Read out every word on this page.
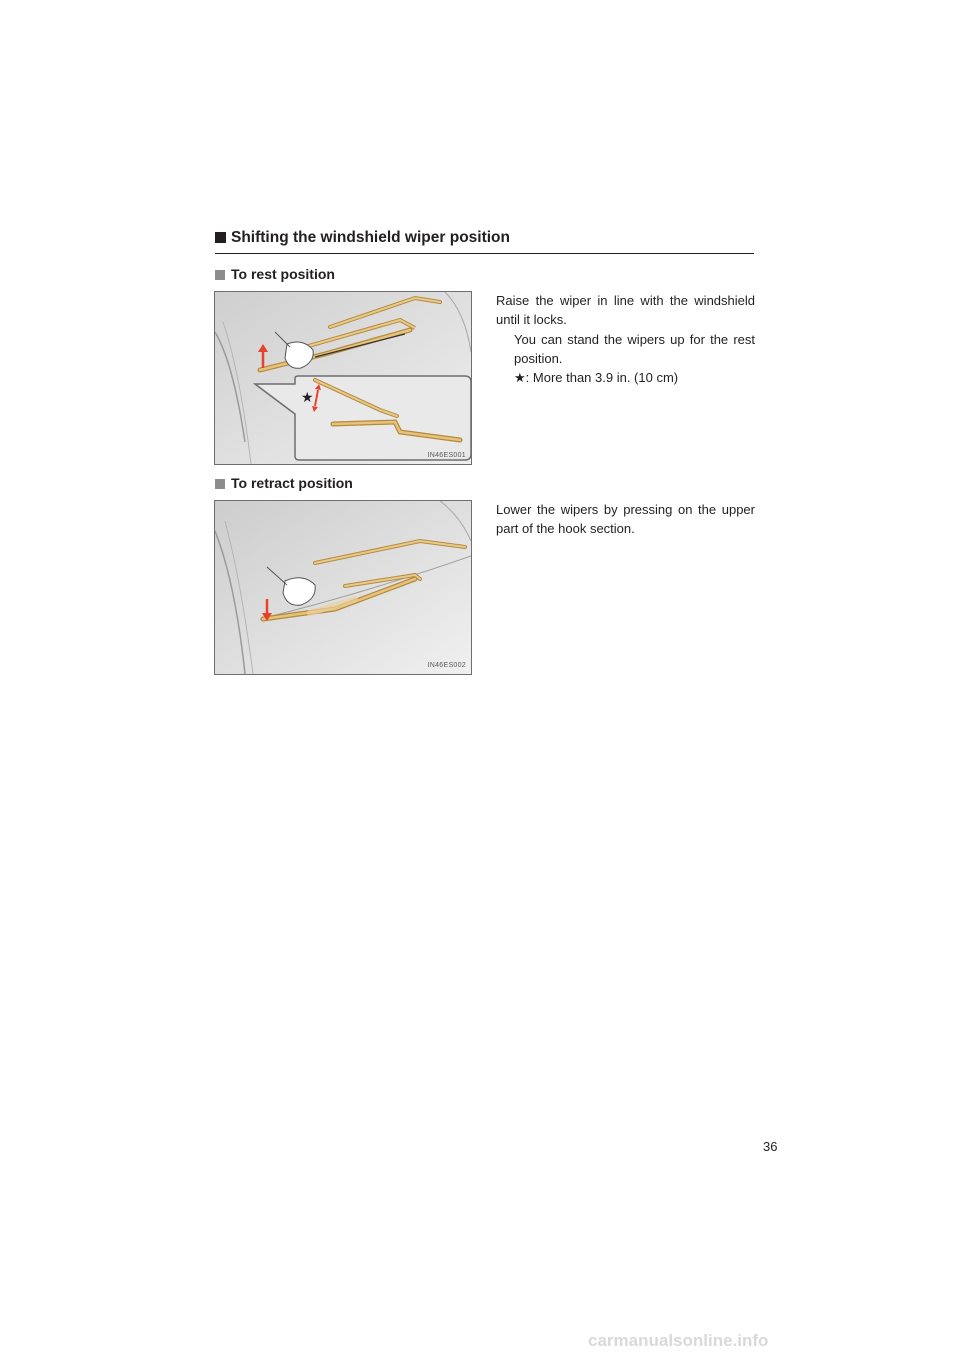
Shifting the windshield wiper position
To rest position
★
IN46ES001

Raise the wiper in line with the windshield until it locks.

You can stand the wipers up for the rest position.

★: More than 3.9 in. (10 cm)

To retract position
IN46ES002

Lower the wipers by pressing on the upper part of the hook section.

36
carmanualsonline.info
